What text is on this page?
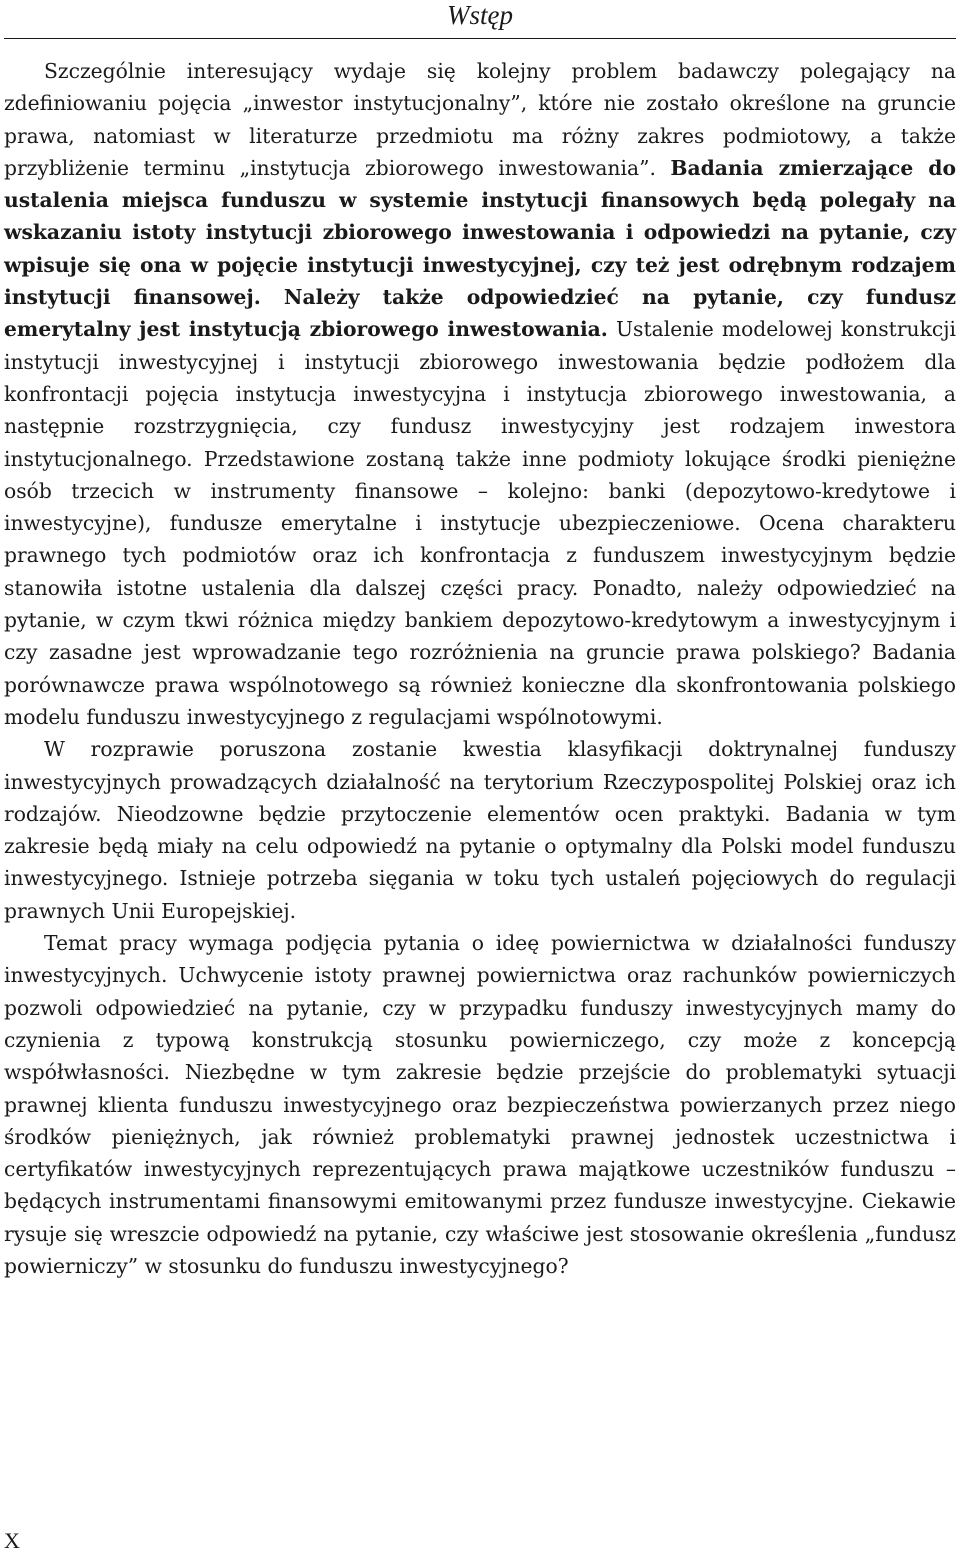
Wstęp

Szczególnie interesujący wydaje się kolejny problem badawczy polegający na zdefiniowaniu pojęcia „inwestor instytucjonalny”, które nie zostało określone na gruncie prawa, natomiast w literaturze przedmiotu ma różny zakres podmiotowy, a także przybliżenie terminu „instytucja zbiorowego inwestowania”. Badania zmierzające do ustalenia miejsca funduszu w systemie instytucji finansowych będą polegały na wskazaniu istoty instytucji zbiorowego inwestowania i odpowiedzi na pytanie, czy wpisuje się ona w pojęcie instytucji inwestycyjnej, czy też jest odrębnym rodzajem instytucji finansowej. Należy także odpowiedzieć na pytanie, czy fundusz emerytalny jest instytucją zbiorowego inwestowania. Ustalenie modelowej konstrukcji instytucji inwestycyjnej i instytucji zbiorowego inwestowania będzie podłożem dla konfrontacji pojęcia instytucja inwestycyjna i instytucja zbiorowego inwestowania, a następnie rozstrzygnięcia, czy fundusz inwestycyjny jest rodzajem inwestora instytucjonalnego. Przedstawione zostaną także inne podmioty lokujące środki pieniężne osób trzecich w instrumenty finansowe – kolejno: banki (depozytowo-kredytowe i inwestycyjne), fundusze emerytalne i instytucje ubezpieczeniowe. Ocena charakteru prawnego tych podmiotów oraz ich konfrontacja z funduszem inwestycyjnym będzie stanowiła istotne ustalenia dla dalszej części pracy. Ponadto, należy odpowiedzieć na pytanie, w czym tkwi różnica między bankiem depozytowo-kredytowym a inwestycyjnym i czy zasadne jest wprowadzanie tego rozróżnienia na gruncie prawa polskiego? Badania porównawcze prawa wspólnotowego są również konieczne dla skonfrontowania polskiego modelu funduszu inwestycyjnego z regulacjami wspólnotowymi.

W rozprawie poruszona zostanie kwestia klasyfikacji doktrynalnej funduszy inwestycyjnych prowadzących działalność na terytorium Rzeczypospolitej Polskiej oraz ich rodzajów. Nieodzowne będzie przytoczenie elementów ocen praktyki. Badania w tym zakresie będą miały na celu odpowiedź na pytanie o optymalny dla Polski model funduszu inwestycyjnego. Istnieje potrzeba sięgania w toku tych ustaleń pojęciowych do regulacji prawnych Unii Europejskiej.

Temat pracy wymaga podjęcia pytania o ideę powiernictwa w działalności funduszy inwestycyjnych. Uchwycenie istoty prawnej powiernictwa oraz rachunków powierniczych pozwoli odpowiedzieć na pytanie, czy w przypadku funduszy inwestycyjnych mamy do czynienia z typową konstrukcją stosunku powierniczego, czy może z koncepcją współwłasności. Niezbędne w tym zakresie będzie przejście do problematyki sytuacji prawnej klienta funduszu inwestycyjnego oraz bezpieczeństwa powierzanych przez niego środków pieniężnych, jak również problematyki prawnej jednostek uczestnictwa i certyfikatów inwestycyjnych reprezentujących prawa majątkowe uczestników funduszu – będących instrumentami finansowymi emitowanymi przez fundusze inwestycyjne. Ciekawie rysuje się wreszcie odpowiedź na pytanie, czy właściwe jest stosowanie określenia „fundusz powierniczy” w stosunku do funduszu inwestycyjnego?

X
